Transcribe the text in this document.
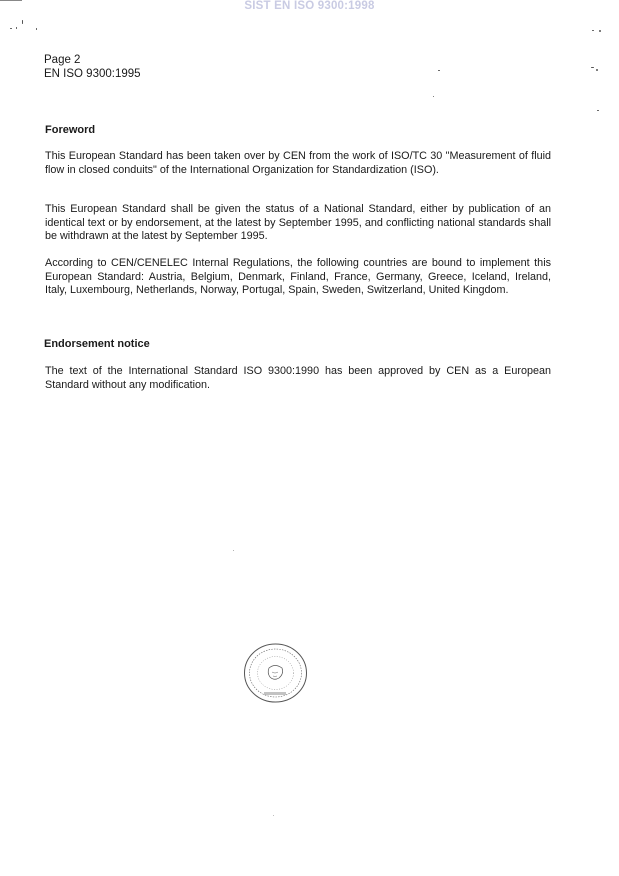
SIST EN ISO 9300:1998
Page 2
EN ISO 9300:1995
Foreword
This European Standard has been taken over by CEN from the work of ISO/TC 30 "Measurement of fluid flow in closed conduits" of the International Organization for Standardization (ISO).
This European Standard shall be given the status of a National Standard, either by publication of an identical text or by endorsement, at the latest by September 1995, and conflicting national standards shall be withdrawn at the latest by September 1995.
According to CEN/CENELEC Internal Regulations, the following countries are bound to implement this European Standard: Austria, Belgium, Denmark, Finland, France, Germany, Greece, Iceland, Ireland, Italy, Luxembourg, Netherlands, Norway, Portugal, Spain, Sweden, Switzerland, United Kingdom.
Endorsement notice
The text of the International Standard ISO 9300:1990 has been approved by CEN as a European Standard without any modification.
